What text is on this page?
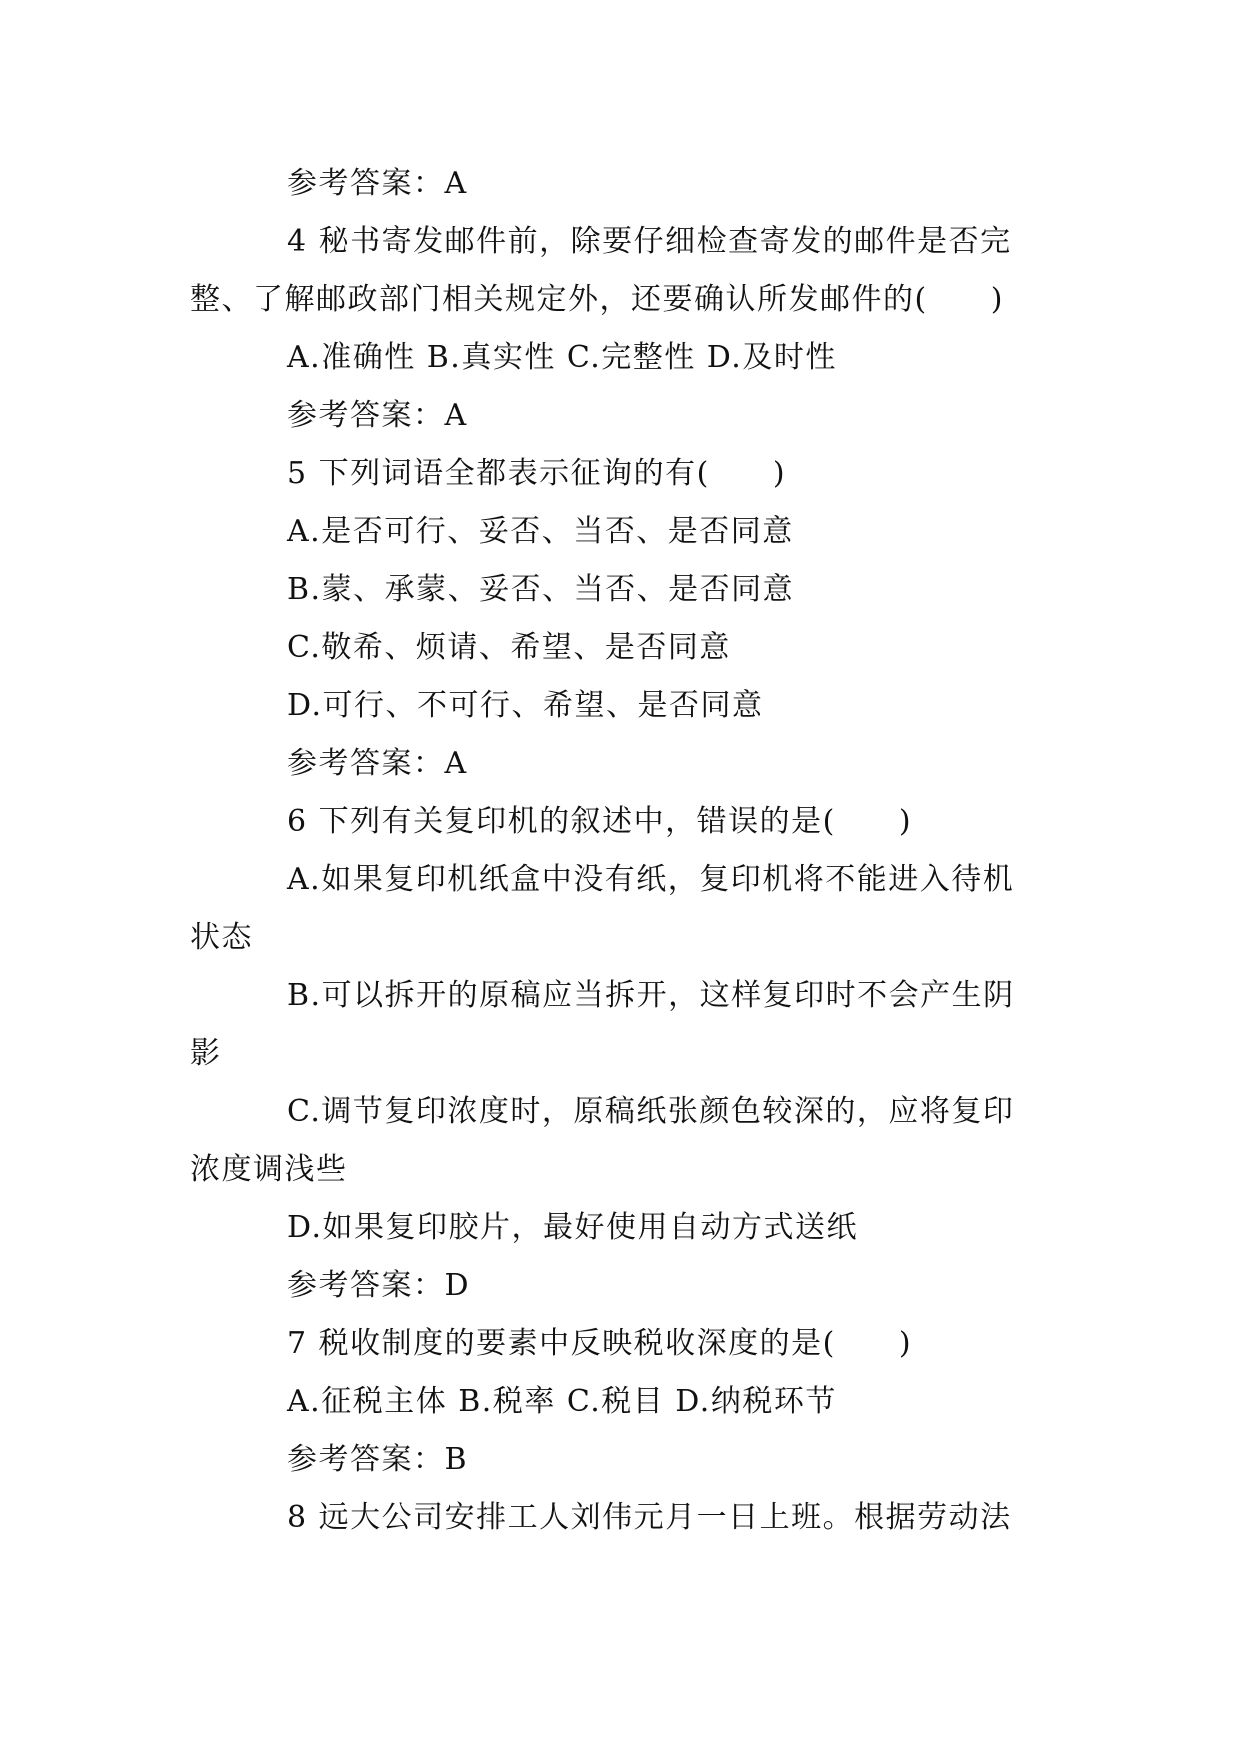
参考答案：A
4 秘书寄发邮件前，除要仔细检查寄发的邮件是否完
整、了解邮政部门相关规定外，还要确认所发邮件的(　　)
A.准确性 B.真实性 C.完整性 D.及时性
参考答案：A
5 下列词语全都表示征询的有(　　)
A.是否可行、妥否、当否、是否同意
B.蒙、承蒙、妥否、当否、是否同意
C.敬希、烦请、希望、是否同意
D.可行、不可行、希望、是否同意
参考答案：A
6 下列有关复印机的叙述中，错误的是(　　)
A.如果复印机纸盒中没有纸，复印机将不能进入待机
状态
B.可以拆开的原稿应当拆开，这样复印时不会产生阴
影
C.调节复印浓度时，原稿纸张颜色较深的，应将复印
浓度调浅些
D.如果复印胶片，最好使用自动方式送纸
参考答案：D
7 税收制度的要素中反映税收深度的是(　　)
A.征税主体 B.税率 C.税目 D.纳税环节
参考答案：B
8 远大公司安排工人刘伟元月一日上班。根据劳动法
